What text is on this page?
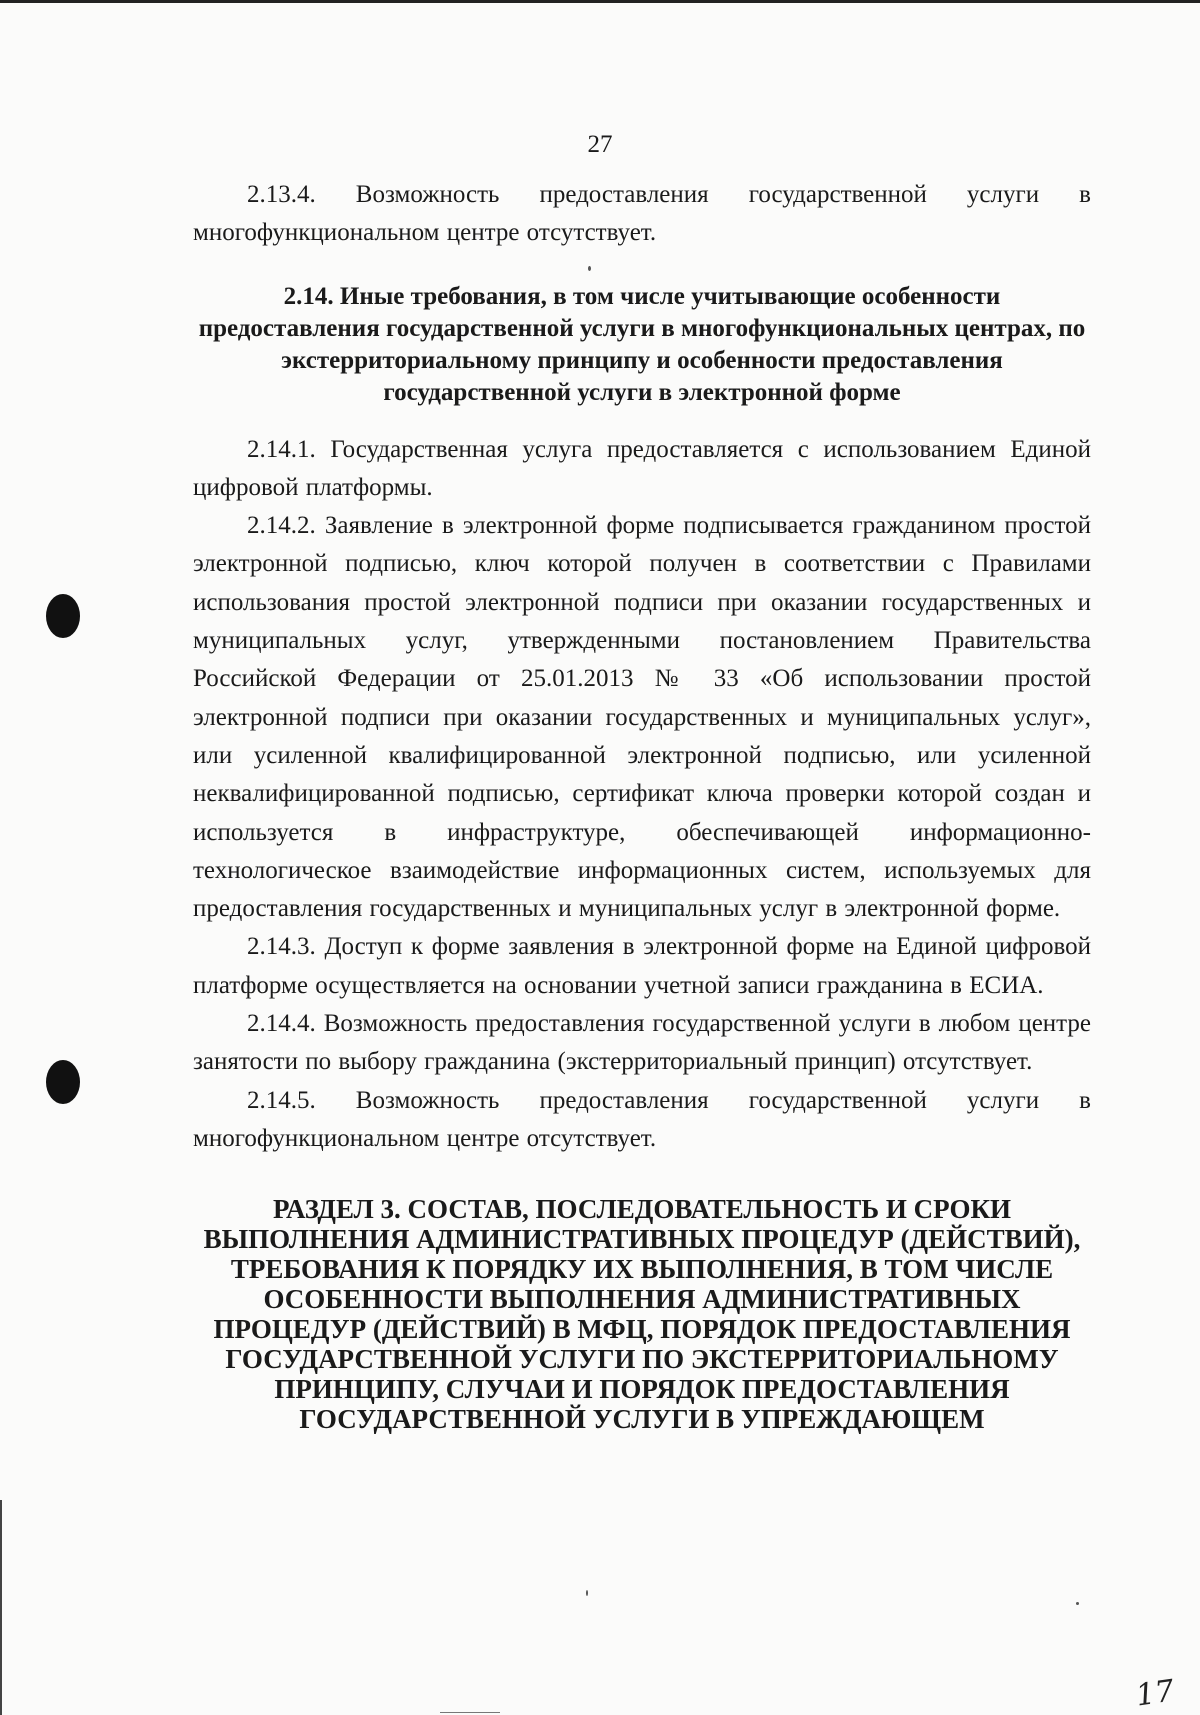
27

2.13.4. Возможность предоставления государственной услуги в многофункциональном центре отсутствует.

2.14. Иные требования, в том числе учитывающие особенности предоставления государственной услуги в многофункциональных центрах, по экстерриториальному принципу и особенности предоставления государственной услуги в электронной форме

2.14.1. Государственная услуга предоставляется с использованием Единой цифровой платформы.

2.14.2. Заявление в электронной форме подписывается гражданином простой электронной подписью, ключ которой получен в соответствии с Правилами использования простой электронной подписи при оказании государственных и муниципальных услуг, утвержденными постановлением Правительства Российской Федерации от 25.01.2013 № 33 «Об использовании простой электронной подписи при оказании государственных и муниципальных услуг», или усиленной квалифицированной электронной подписью, или усиленной неквалифицированной подписью, сертификат ключа проверки которой создан и используется в инфраструктуре, обеспечивающей информационно-технологическое взаимодействие информационных систем, используемых для предоставления государственных и муниципальных услуг в электронной форме.

2.14.3. Доступ к форме заявления в электронной форме на Единой цифровой платформе осуществляется на основании учетной записи гражданина в ЕСИА.

2.14.4. Возможность предоставления государственной услуги в любом центре занятости по выбору гражданина (экстерриториальный принцип) отсутствует.

2.14.5. Возможность предоставления государственной услуги в многофункциональном центре отсутствует.

РАЗДЕЛ 3. СОСТАВ, ПОСЛЕДОВАТЕЛЬНОСТЬ И СРОКИ ВЫПОЛНЕНИЯ АДМИНИСТРАТИВНЫХ ПРОЦЕДУР (ДЕЙСТВИЙ), ТРЕБОВАНИЯ К ПОРЯДКУ ИХ ВЫПОЛНЕНИЯ, В ТОМ ЧИСЛЕ ОСОБЕННОСТИ ВЫПОЛНЕНИЯ АДМИНИСТРАТИВНЫХ ПРОЦЕДУР (ДЕЙСТВИЙ) В МФЦ, ПОРЯДОК ПРЕДОСТАВЛЕНИЯ ГОСУДАРСТВЕННОЙ УСЛУГИ ПО ЭКСТЕРРИТОРИАЛЬНОМУ ПРИНЦИПУ, СЛУЧАИ И ПОРЯДОК ПРЕДОСТАВЛЕНИЯ ГОСУДАРСТВЕННОЙ УСЛУГИ В УПРЕЖДАЮЩЕМ
17
